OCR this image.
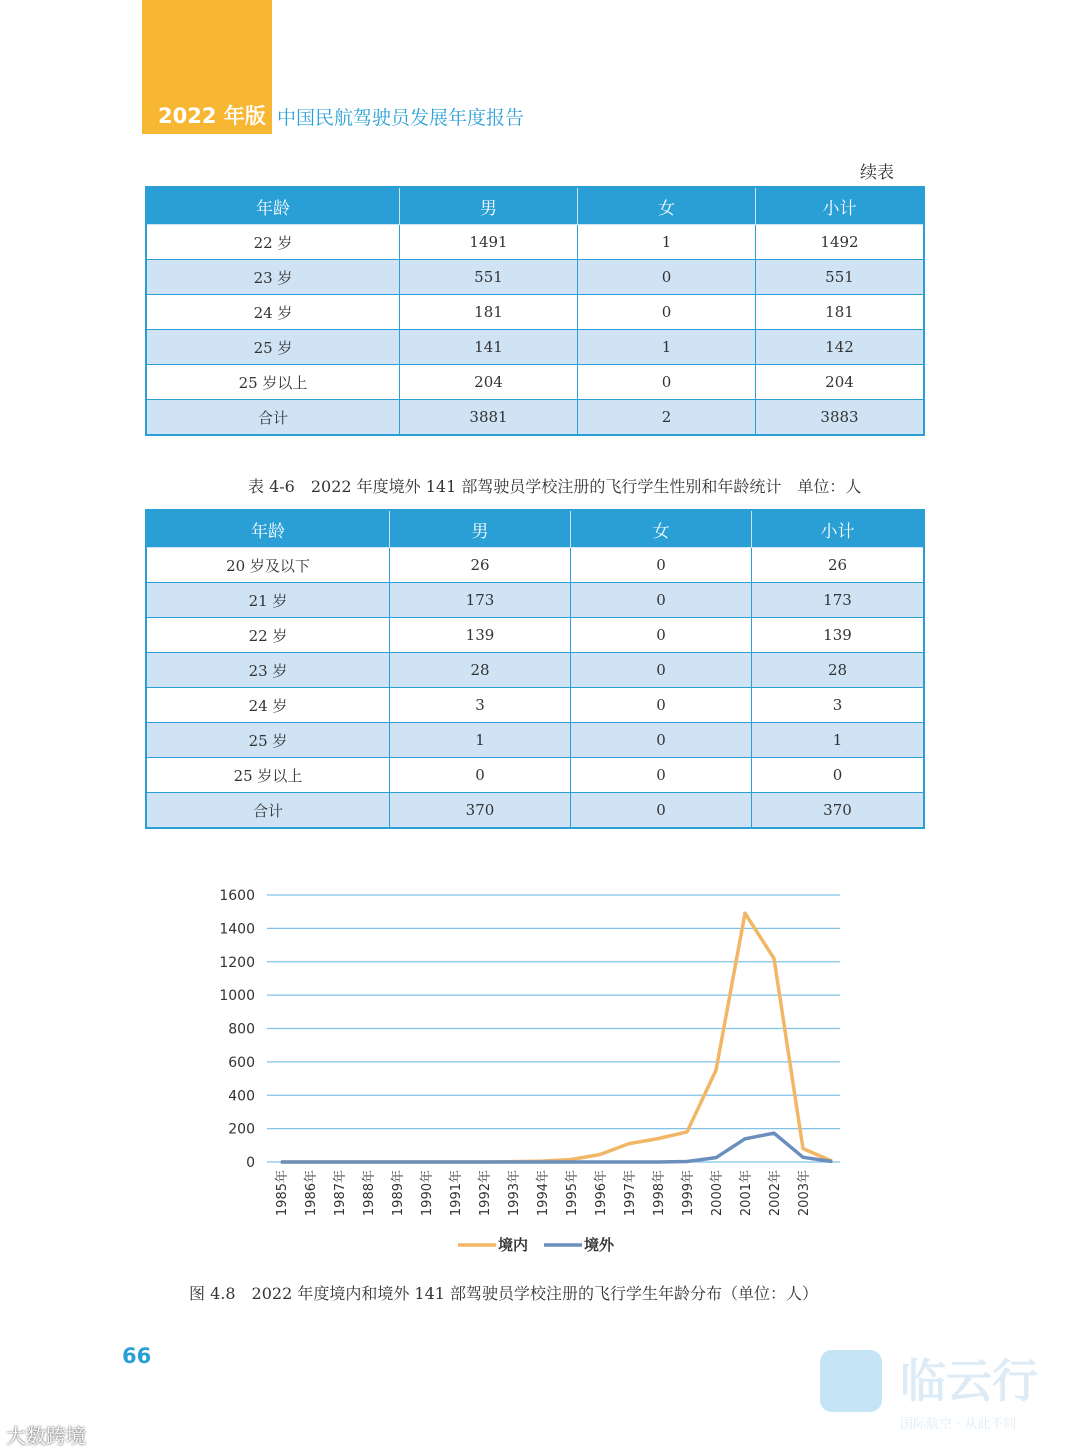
2022 年版 中国民航驾驶员发展年度报告
续表
年龄	男	女	小计
22 岁	1491	1	1492
23 岁	551	0	551
24 岁	181	0	181
25 岁	141	1	142
25 岁以上	204	0	204
合计	3881	2	3883
表 4-6　2022 年度境外 141 部驾驶员学校注册的飞行学生性别和年龄统计　单位：人
年龄	男	女	小计
20 岁及以下	26	0	26
21 岁	173	0	173
22 岁	139	0	139
23 岁	28	0	28
24 岁	3	0	3
25 岁	1	0	1
25 岁以上	0	0	0
合计	370	0	370
0
200
400
600
800
1000
1200
1400
1600
1985年 1986年 1987年 1988年 1989年 1990年 1991年 1992年 1993年 1994年 1995年 1996年 1997年 1998年 1999年 2000年 2001年 2002年 2003年
境内	境外
图 4.8　2022 年度境内和境外 141 部驾驶员学校注册的飞行学生年龄分布（单位：人）
66
大数跨境
临云行
国际航空 · 从此不同
